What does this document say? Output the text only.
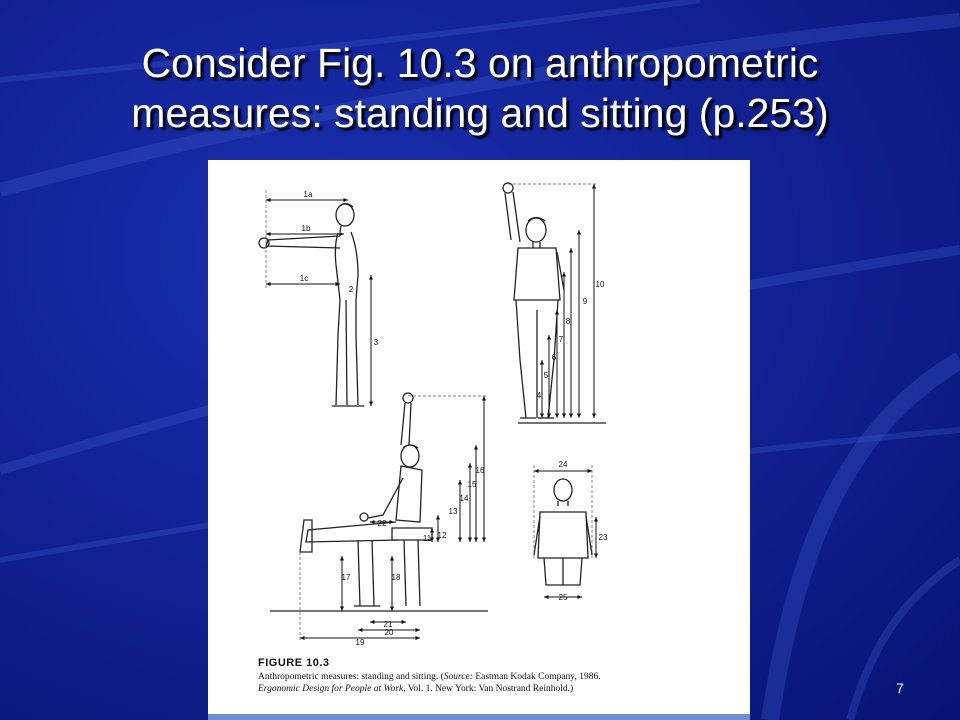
Consider Fig. 10.3 on anthropometric
measures: standing and sitting (p.253)
1a
1b
1c
2
3
4
5
6
7
8
9
10
11 12
13
14
15
16
17	18
19
20
21
22
23
24
25
FIGURE 10.3
Anthropometric measures: standing and sitting. (Source: Eastman Kodak Company, 1986.
Ergonomic Design for People at Work, Vol. 1. New York: Van Nostrand Reinhold.)	7
